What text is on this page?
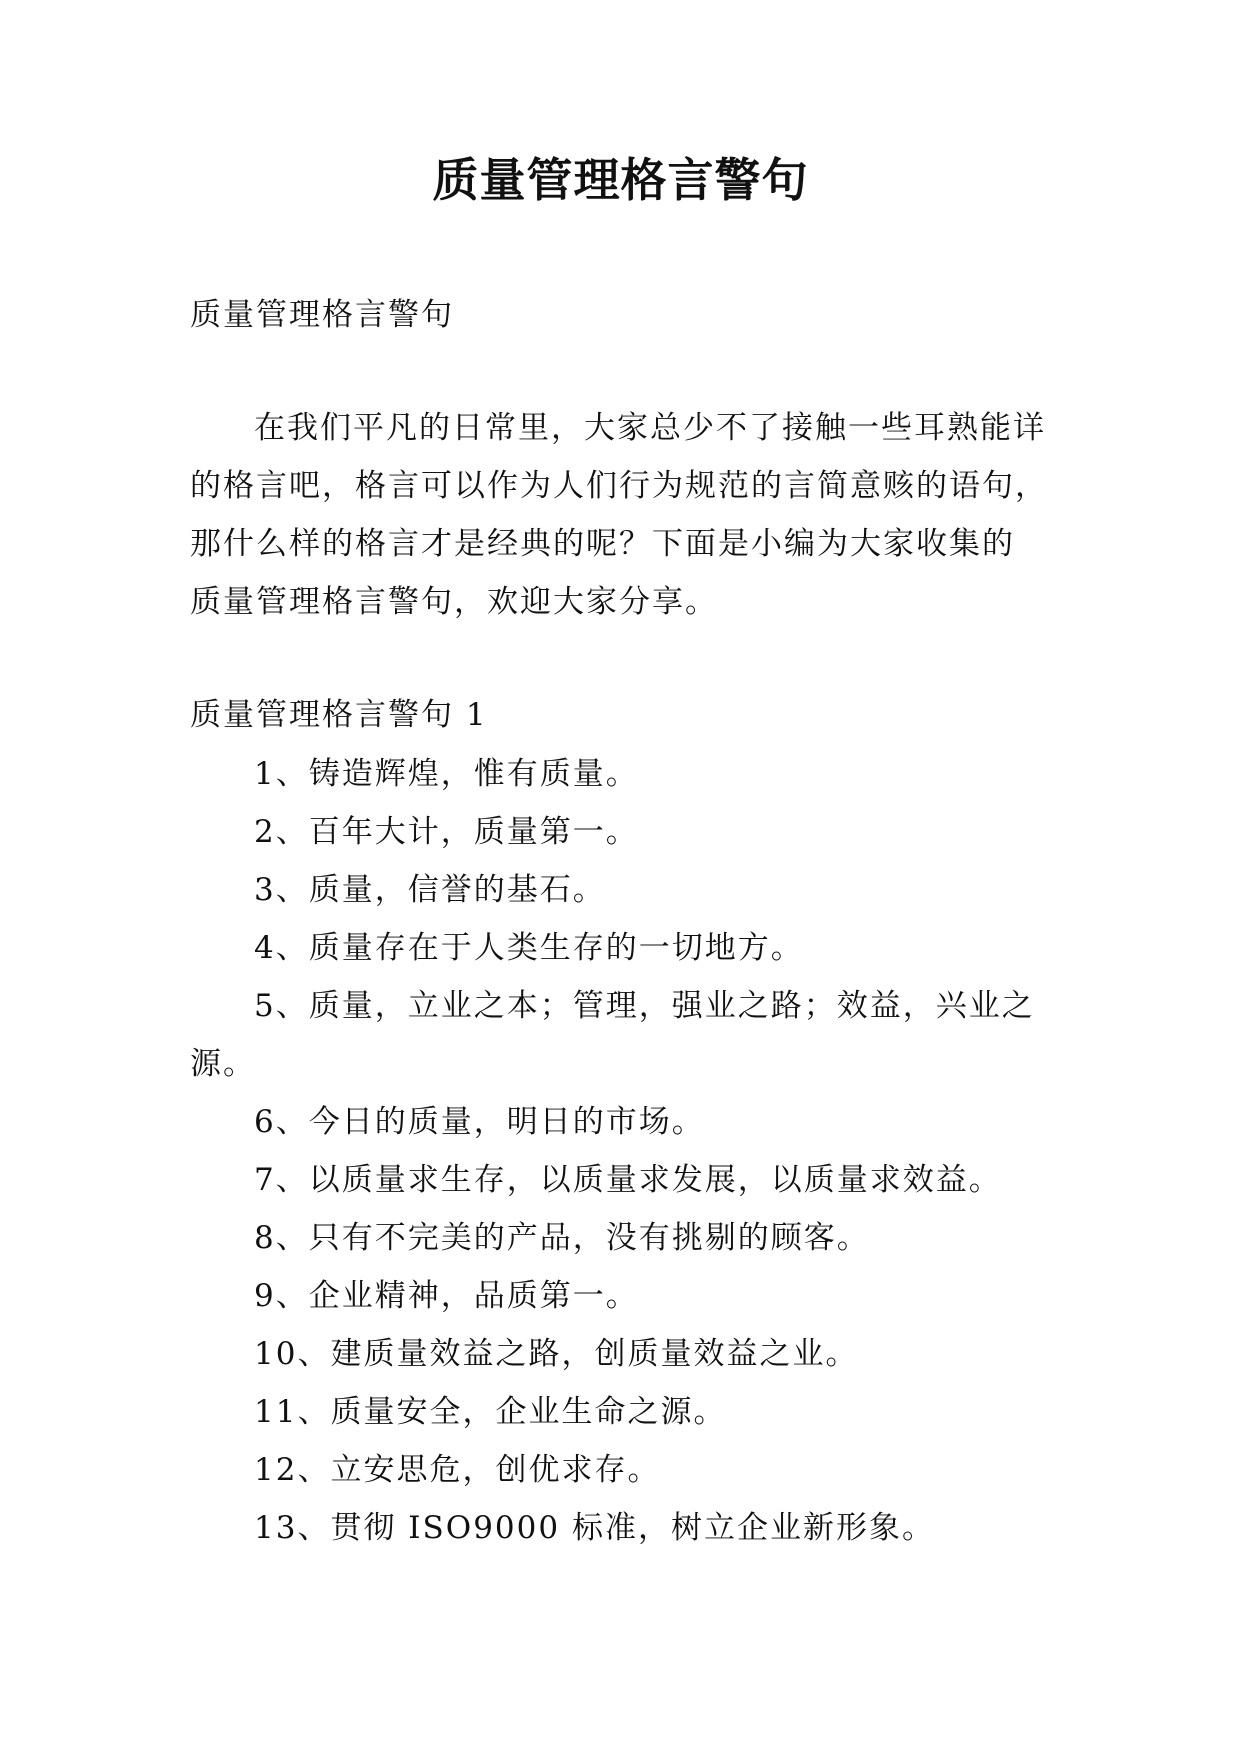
质量管理格言警句

质量管理格言警句

在我们平凡的日常里，大家总少不了接触一些耳熟能详

的格言吧，格言可以作为人们行为规范的言简意赅的语句，

那什么样的格言才是经典的呢？下面是小编为大家收集的

质量管理格言警句，欢迎大家分享。

质量管理格言警句 1

1、铸造辉煌，惟有质量。

2、百年大计，质量第一。

3、质量，信誉的基石。

4、质量存在于人类生存的一切地方。

5、质量，立业之本；管理，强业之路；效益，兴业之

源。

6、今日的质量，明日的市场。

7、以质量求生存，以质量求发展，以质量求效益。

8、只有不完美的产品，没有挑剔的顾客。

9、企业精神，品质第一。

10、建质量效益之路，创质量效益之业。

11、质量安全，企业生命之源。

12、立安思危，创优求存。

13、贯彻 ISO9000 标准，树立企业新形象。
